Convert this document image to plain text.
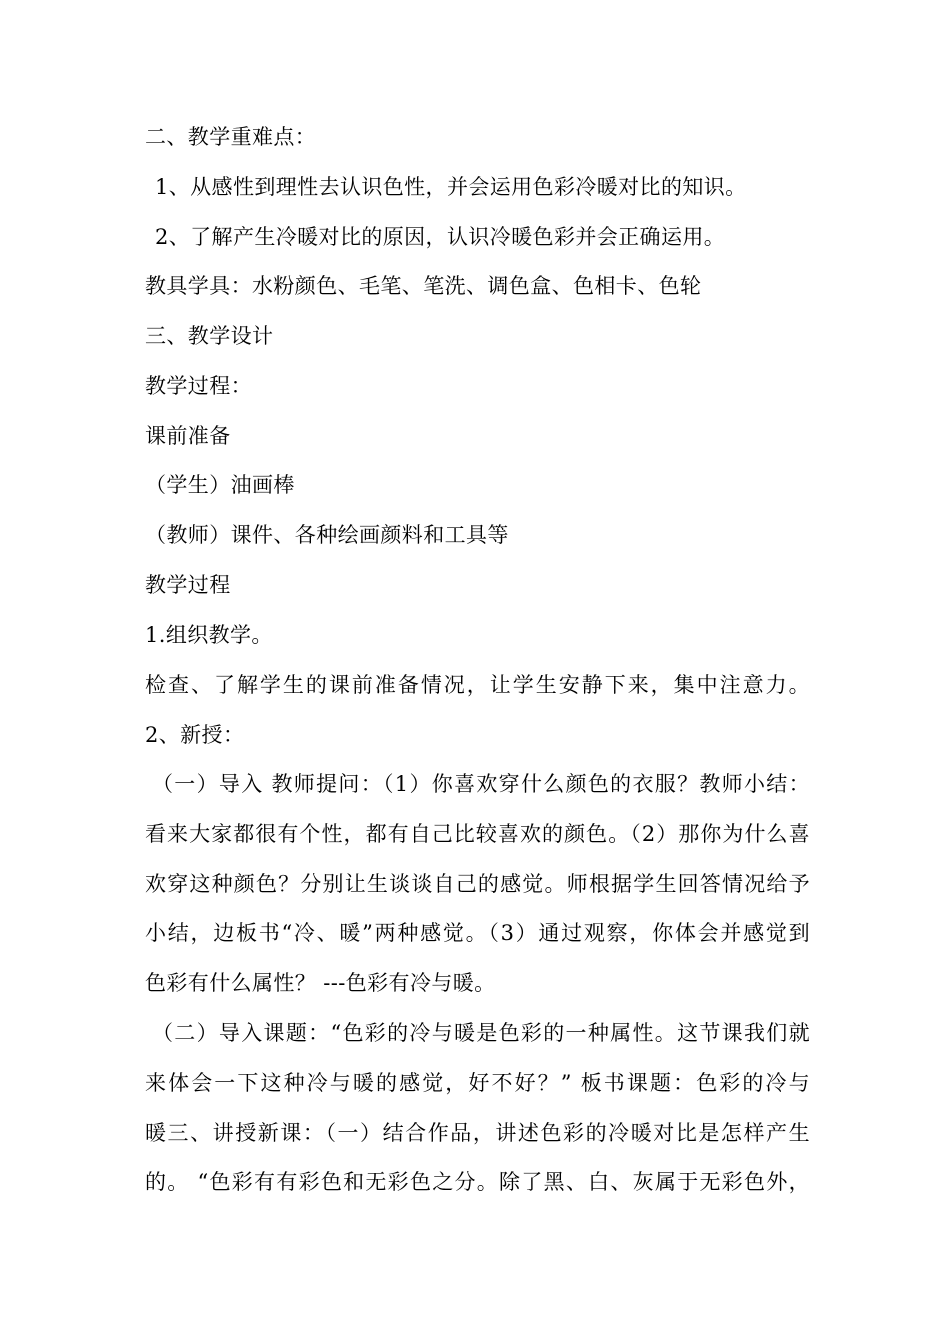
二、教学重难点：
1、从感性到理性去认识色性，并会运用色彩冷暖对比的知识。
2、了解产生冷暖对比的原因，认识冷暖色彩并会正确运用。
教具学具：水粉颜色、毛笔、笔洗、调色盒、色相卡、色轮
三、教学设计
教学过程：
课前准备
（学生）油画棒
（教师）课件、各种绘画颜料和工具等
教学过程
1.组织教学。
检查、了解学生的课前准备情况，让学生安静下来，集中注意力。
2、新授：
（一）导入 教师提问：（1）你喜欢穿什么颜色的衣服？教师小结：
看来大家都很有个性，都有自己比较喜欢的颜色。（2）那你为什么喜
欢穿这种颜色？分别让生谈谈自己的感觉。师根据学生回答情况给予
小结，边板书“冷、暖”两种感觉。（3）通过观察，你体会并感觉到
色彩有什么属性？ ---色彩有冷与暖。
（二）导入课题：“色彩的冷与暖是色彩的一种属性。这节课我们就
来体会一下这种冷与暖的感觉，好不好？” 板书课题：色彩的冷与
暖三、讲授新课：（一）结合作品，讲述色彩的冷暖对比是怎样产生
的。 “色彩有有彩色和无彩色之分。除了黑、白、灰属于无彩色外，
